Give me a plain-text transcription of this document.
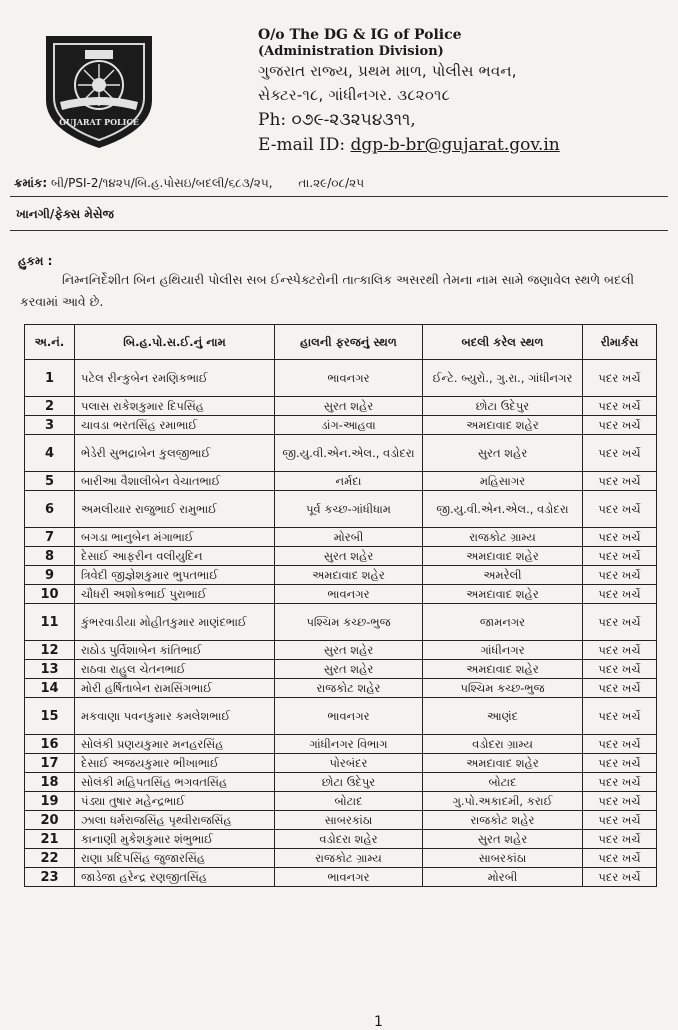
GUJARAT POLICE
O/o The DG & IG of Police
(Administration Division)
ગુજરાત રાજ્ય, પ્રથમ માળ, પોલીસ ભવન,
સેક્ટર-૧૮, ગાંધીનગર. ૩૮૨૦૧૮
Ph: ૦૭૯-૨૩૨૫૪૩૧૧,
E-mail ID: dgp-b-br@gujarat.gov.in
ક્રમાંક: બી/PSI-2/૧૪૨૫/બિ.હ.પોસઇ/બદલી/૬૮૩/૨૫, તા.૨૯/૦૮/૨૫
ખાનગી/ફેક્સ મેસેજ
હુકમ :
નિમ્નનિર્દેશીત બિન હથિયારી પોલીસ સબ ઈન્સ્પેક્ટરોની તાત્કાલિક અસરથી તેમના નામ સામે જણાવેલ સ્થળે બદલી કરવામાં આવે છે.
અ.નં.	બિ.હ.પો.સ.ઈ.નું નામ	હાલની ફરજનું સ્થળ	બદલી કરેલ સ્થળ	રીમાર્કસ
1	પટેલ રીન્કુબેન રમણિકભાઈ	ભાવનગર	ઈન્ટે. બ્યુરો., ગુ.રા., ગાંધીનગર	પદર ખર્ચે
2	પલાસ રાકેશકુમાર દિપસિંહ	સુરત શહેર	છોટા ઉદેપુર	પદર ખર્ચે
3	ચાવડા ભરતસિંહ રમાભાઈ	ડાંગ-આહવા	અમદાવાદ શહેર	પદર ખર્ચે
4	ભેડેરી સુભદ્રાબેન કુલજીભાઈ	જી.યુ.વી.એન.એલ., વડોદરા	સુરત શહેર	પદર ખર્ચે
5	બારીઆ વૈશાલીબેન વેચાતભાઈ	નર્મદા	મહિસાગર	પદર ખર્ચે
6	અમલીયાર રાજુભાઈ રામુભાઈ	પૂર્વ કચ્છ-ગાંધીધામ	જી.યુ.વી.એન.એલ., વડોદરા	પદર ખર્ચે
7	બગડા ભાનુબેન મંગાભાઈ	મોરબી	રાજકોટ ગ્રામ્ય	પદર ખર્ચે
8	દેસાઈ આફરીન વલીયુદિન	સુરત શહેર	અમદાવાદ શહેર	પદર ખર્ચે
9	ત્રિવેદી જીજ્ઞેશકુમાર ભુપતભાઈ	અમદાવાદ શહેર	અમરેલી	પદર ખર્ચે
10	ચૌધરી અશોકભાઈ પુરાભાઈ	ભાવનગર	અમદાવાદ શહેર	પદર ખર્ચે
11	કુંભરવાડીયા મોહીતકુમાર માણંદભાઈ	પશ્ચિમ કચ્છ-ભુજ	જામનગર	પદર ખર્ચે
12	રાઠોડ પુર્વિશાબેન કાંતિભાઈ	સુરત શહેર	ગાંધીનગર	પદર ખર્ચે
13	રાઠવા રાહુલ ચેતનભાઈ	સુરત શહેર	અમદાવાદ શહેર	પદર ખર્ચે
14	મોરી હર્ષિતાબેન રામસિંગભાઈ	રાજકોટ શહેર	પશ્ચિમ કચ્છ-ભુજ	પદર ખર્ચે
15	મકવાણા પવનકુમાર કમલેશભાઈ	ભાવનગર	આણંદ	પદર ખર્ચે
16	સોલંકી પ્રણયકુમાર મનહરસિંહ	ગાંધીનગર વિભાગ	વડોદરા ગ્રામ્ય	પદર ખર્ચે
17	દેસાઈ અજયકુમાર ભીખાભાઈ	પોરબંદર	અમદાવાદ શહેર	પદર ખર્ચે
18	સોલંકી મહિપતસિંહ ભગવતસિંહ	છોટા ઉદેપુર	બોટાદ	પદર ખર્ચે
19	પંડ્યા તુષાર મહેન્દ્રભાઈ	બોટાદ	ગુ.પો.અકાદમી, કરાઈ	પદર ખર્ચે
20	ઝાલા ધર્મરાજસિંહ પૃથ્વીરાજસિંહ	સાબરકાંઠા	રાજકોટ શહેર	પદર ખર્ચે
21	કાનાણી મુકેશકુમાર શંભુભાઈ	વડોદરા શહેર	સુરત શહેર	પદર ખર્ચે
22	રાણા પ્રદિપસિંહ જુજારસિંહ	રાજકોટ ગ્રામ્ય	સાબરકાંઠા	પદર ખર્ચે
23	જાડેજા હરેન્દ્ર રણજીતસિંહ	ભાવનગર	મોરબી	પદર ખર્ચે
1
